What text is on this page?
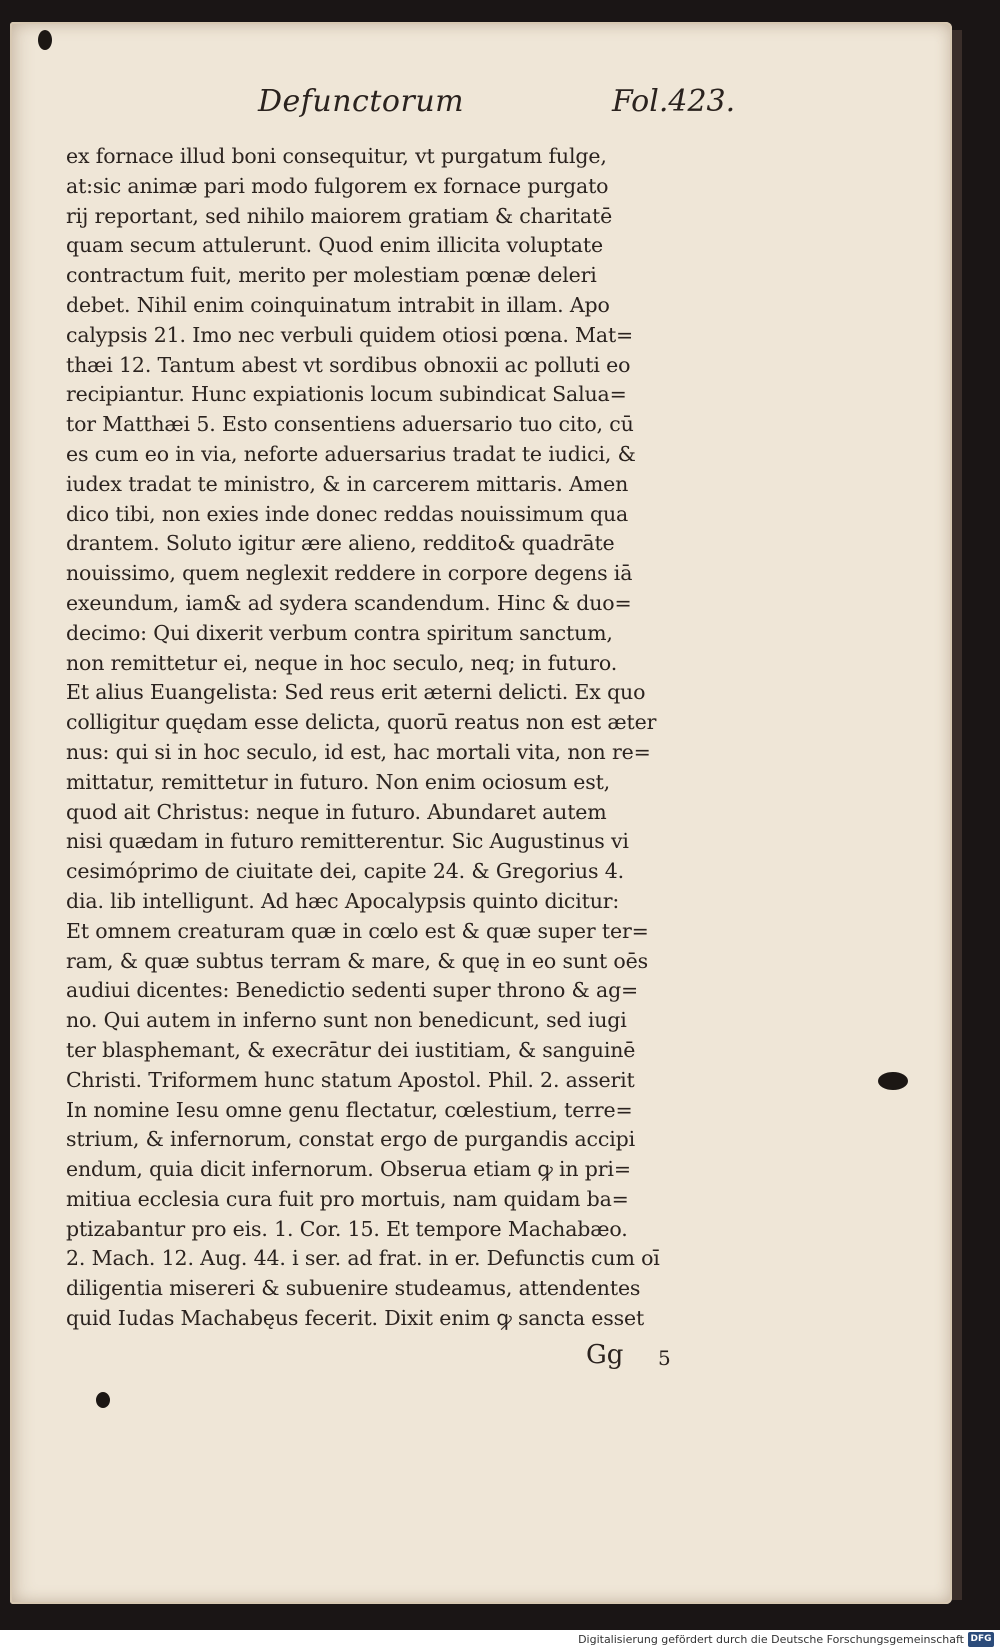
Defunctorum	Fol.423.
ex fornace illud boni consequitur, vt purgatum fulge,
at:sic animæ pari modo fulgorem ex fornace purgato
rij reportant, sed nihilo maiorem gratiam & charitatē
quam secum attulerunt. Quod enim illicita voluptate
contractum fuit, merito per molestiam pœnæ deleri
debet. Nihil enim coinquinatum intrabit in illam. Apo
calypsis 21. Imo nec verbuli quidem otiosi pœna. Mat=
thæi 12. Tantum abest vt sordibus obnoxii ac polluti eo
recipiantur. Hunc expiationis locum subindicat Salua=
tor Matthæi 5. Esto consentiens aduersario tuo cito, cū
es cum eo in via, neforte aduersarius tradat te iudici, &
iudex tradat te ministro, & in carcerem mittaris. Amen
dico tibi, non exies inde donec reddas nouissimum qua
drantem. Soluto igitur ære alieno, reddito& quadrāte
nouissimo, quem neglexit reddere in corpore degens iā
exeundum, iam& ad sydera scandendum. Hinc & duo=
decimo: Qui dixerit verbum contra spiritum sanctum,
non remittetur ei, neque in hoc seculo, neq; in futuro.
Et alius Euangelista: Sed reus erit æterni delicti. Ex quo
colligitur quędam esse delicta, quorū reatus non est æter
nus: qui si in hoc seculo, id est, hac mortali vita, non re=
mittatur, remittetur in futuro. Non enim ociosum est,
quod ait Christus: neque in futuro. Abundaret autem
nisi quædam in futuro remitterentur. Sic Augustinus vi
cesimóprimo de ciuitate dei, capite 24. & Gregorius 4.
dia. lib intelligunt. Ad hæc Apocalypsis quinto dicitur:
Et omnem creaturam quæ in cœlo est & quæ super ter=
ram, & quæ subtus terram & mare, & quę in eo sunt oēs
audiui dicentes: Benedictio sedenti super throno & ag=
no. Qui autem in inferno sunt non benedicunt, sed iugi
ter blasphemant, & execrātur dei iustitiam, & sanguinē
Christi. Triformem hunc statum Apostol. Phil. 2. asserit
In nomine Iesu omne genu flectatur, cœlestium, terre=
strium, & infernorum, constat ergo de purgandis accipi
endum, quia dicit infernorum. Obserua etiam ꝙ in pri=
mitiua ecclesia cura fuit pro mortuis, nam quidam ba=
ptizabantur pro eis. 1. Cor. 15. Et tempore Machabæo.
2. Mach. 12. Aug. 44. i ser. ad frat. in er. Defunctis cum oī
diligentia misereri & subuenire studeamus, attendentes
quid Iudas Machabęus fecerit. Dixit enim ꝙ sancta esset
Gg 5
Digitalisierung gefördert durch die Deutsche Forschungsgemeinschaft DFG
